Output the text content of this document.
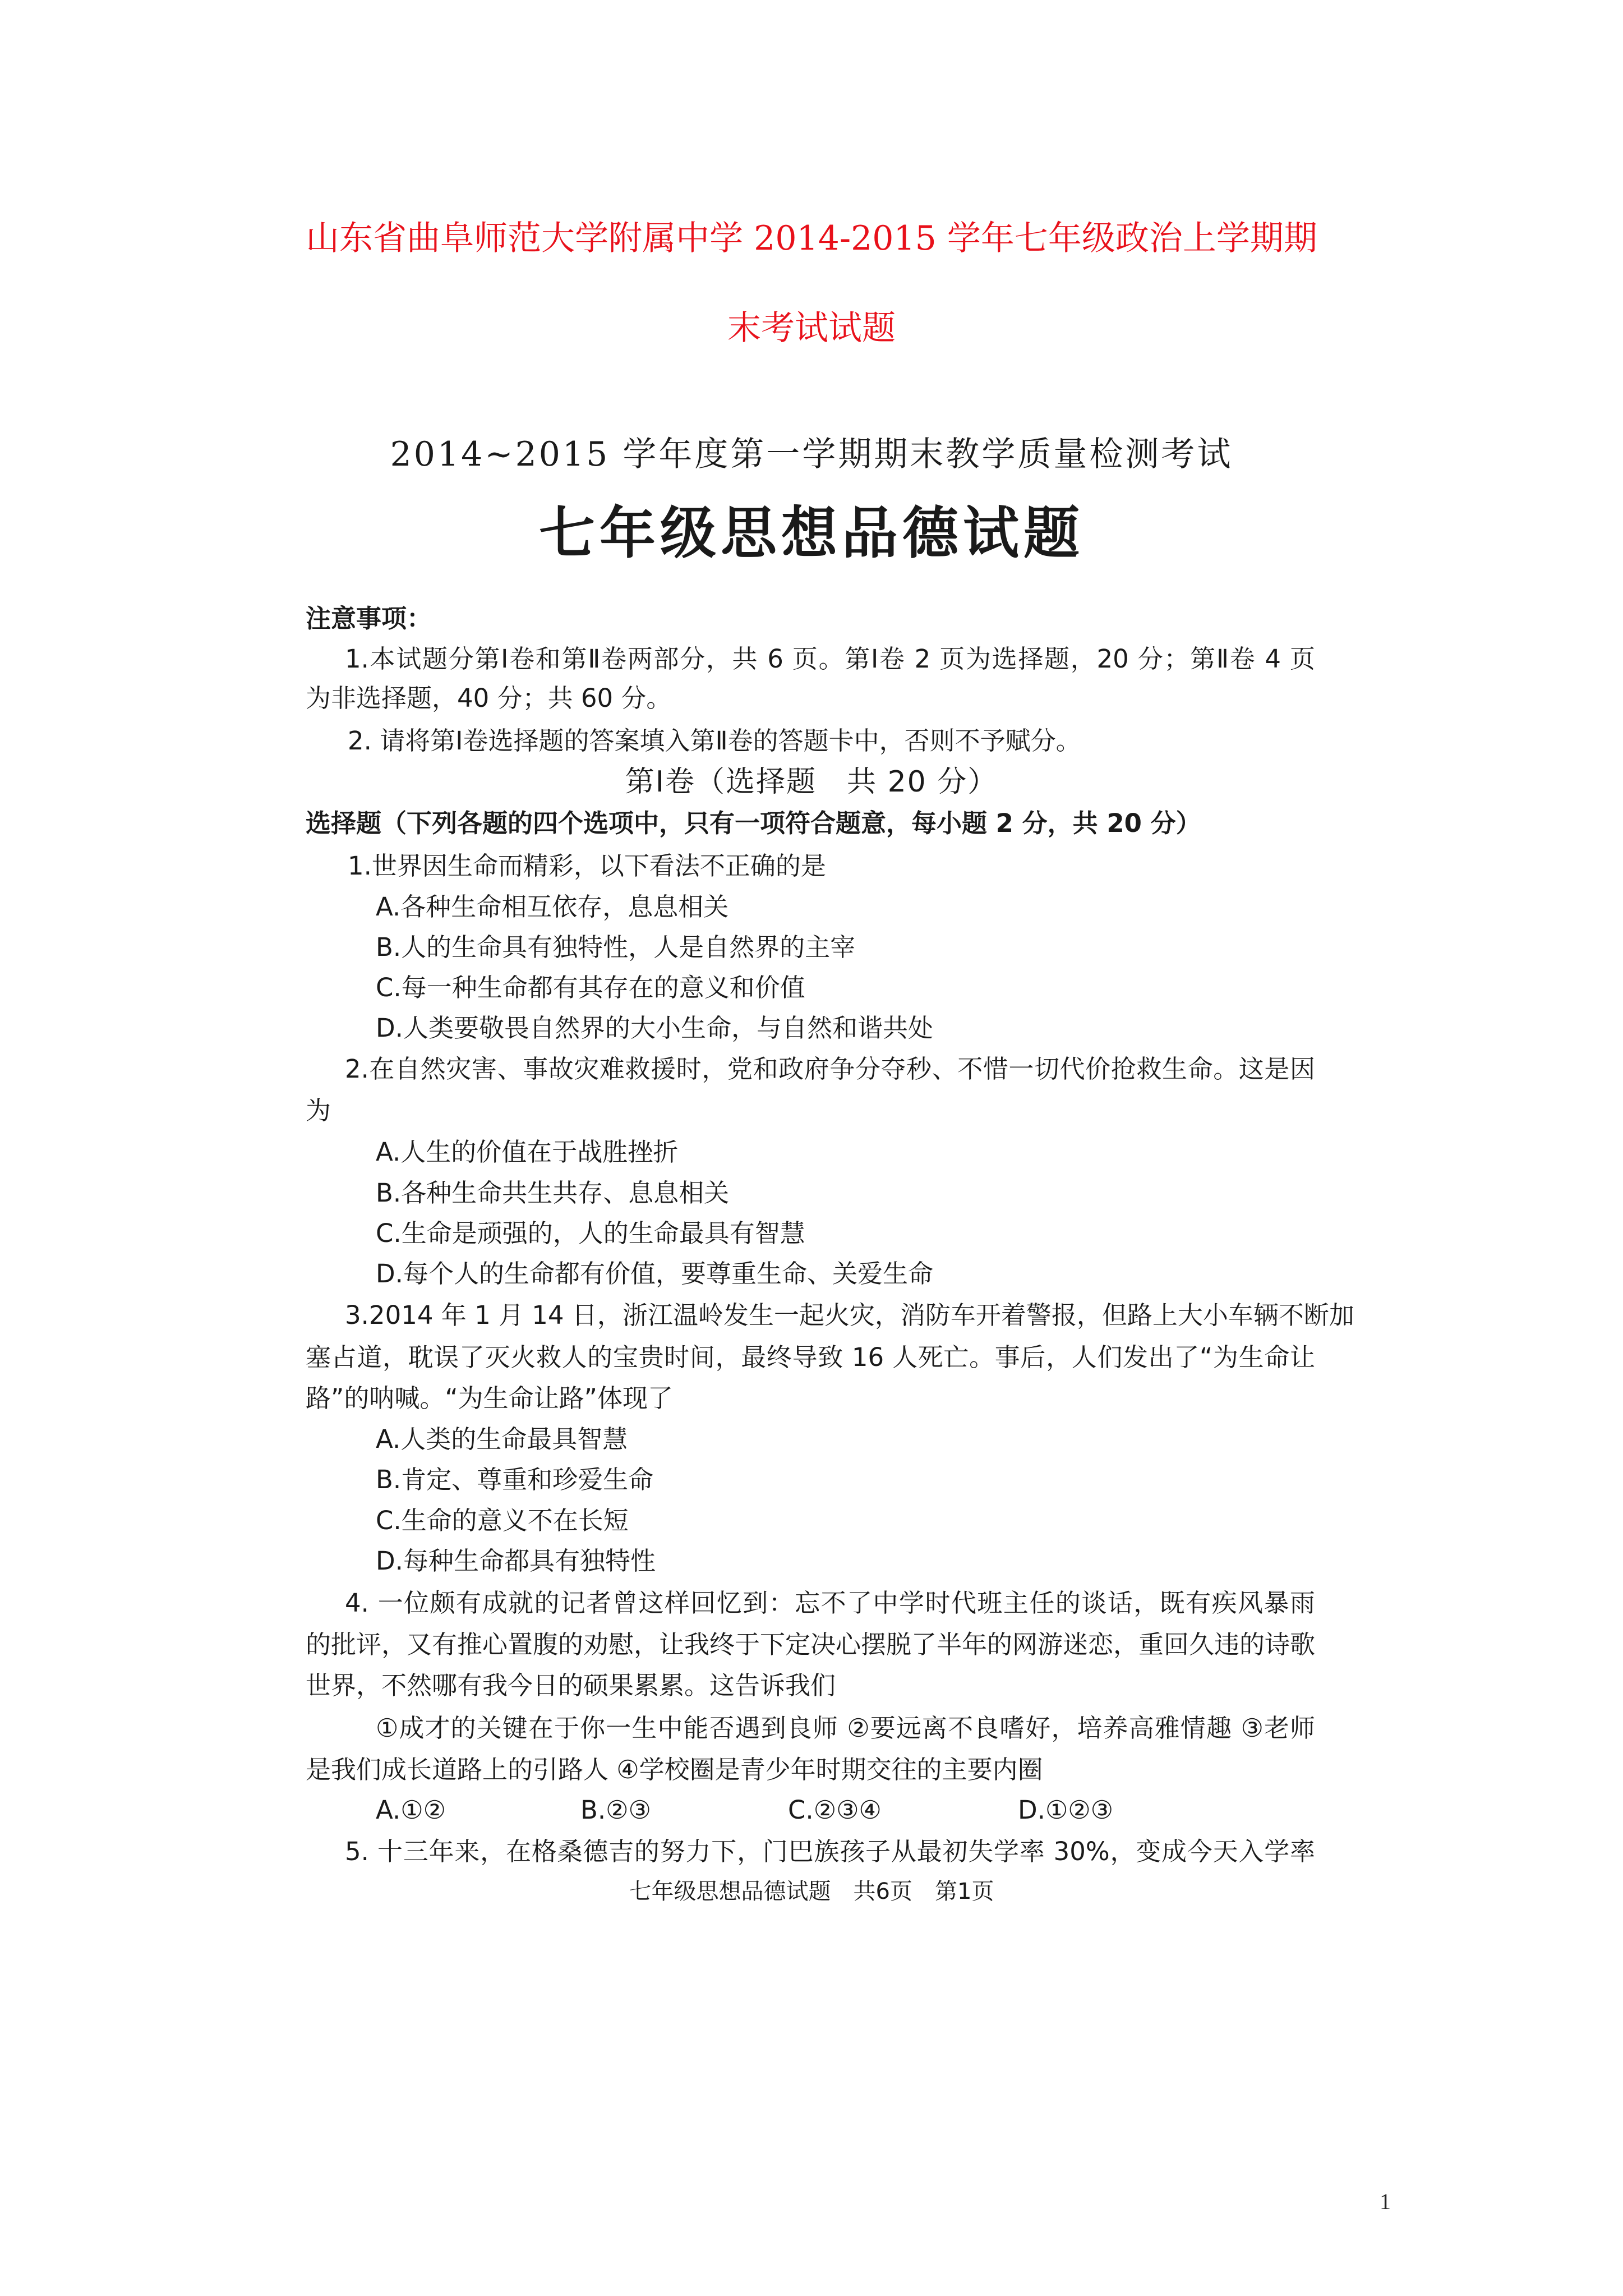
山东省曲阜师范大学附属中学 2014-2015 学年七年级政治上学期期
末考试试题
2014~2015 学年度第一学期期末教学质量检测考试
七年级思想品德试题
注意事项：
1.本试题分第Ⅰ卷和第Ⅱ卷两部分，共 6 页。第Ⅰ卷 2 页为选择题，20 分；第Ⅱ卷 4 页
为非选择题，40 分；共 60 分。
2. 请将第Ⅰ卷选择题的答案填入第Ⅱ卷的答题卡中，否则不予赋分。
第Ⅰ卷（选择题　共 20 分）
选择题（下列各题的四个选项中，只有一项符合题意，每小题 2 分，共 20 分）
1.世界因生命而精彩，以下看法不正确的是
A.各种生命相互依存，息息相关
B.人的生命具有独特性，人是自然界的主宰
C.每一种生命都有其存在的意义和价值
D.人类要敬畏自然界的大小生命，与自然和谐共处
2.在自然灾害、事故灾难救援时，党和政府争分夺秒、不惜一切代价抢救生命。这是因
为
A.人生的价值在于战胜挫折
B.各种生命共生共存、息息相关
C.生命是顽强的，人的生命最具有智慧
D.每个人的生命都有价值，要尊重生命、关爱生命
3.2014 年 1 月 14 日，浙江温岭发生一起火灾，消防车开着警报，但路上大小车辆不断加
塞占道，耽误了灭火救人的宝贵时间，最终导致 16 人死亡。事后，人们发出了“为生命让
路”的呐喊。“为生命让路”体现了
A.人类的生命最具智慧
B.肯定、尊重和珍爱生命
C.生命的意义不在长短
D.每种生命都具有独特性
4. 一位颇有成就的记者曾这样回忆到：忘不了中学时代班主任的谈话，既有疾风暴雨
的批评，又有推心置腹的劝慰，让我终于下定决心摆脱了半年的网游迷恋，重回久违的诗歌
世界，不然哪有我今日的硕果累累。这告诉我们
①成才的关键在于你一生中能否遇到良师 ②要远离不良嗜好，培养高雅情趣 ③老师
是我们成长道路上的引路人 ④学校圈是青少年时期交往的主要内圈
A.①②	B.②③	C.②③④	D.①②③
5. 十三年来，在格桑德吉的努力下，门巴族孩子从最初失学率 30%，变成今天入学率
七年级思想品德试题　共6页　第1页
1
